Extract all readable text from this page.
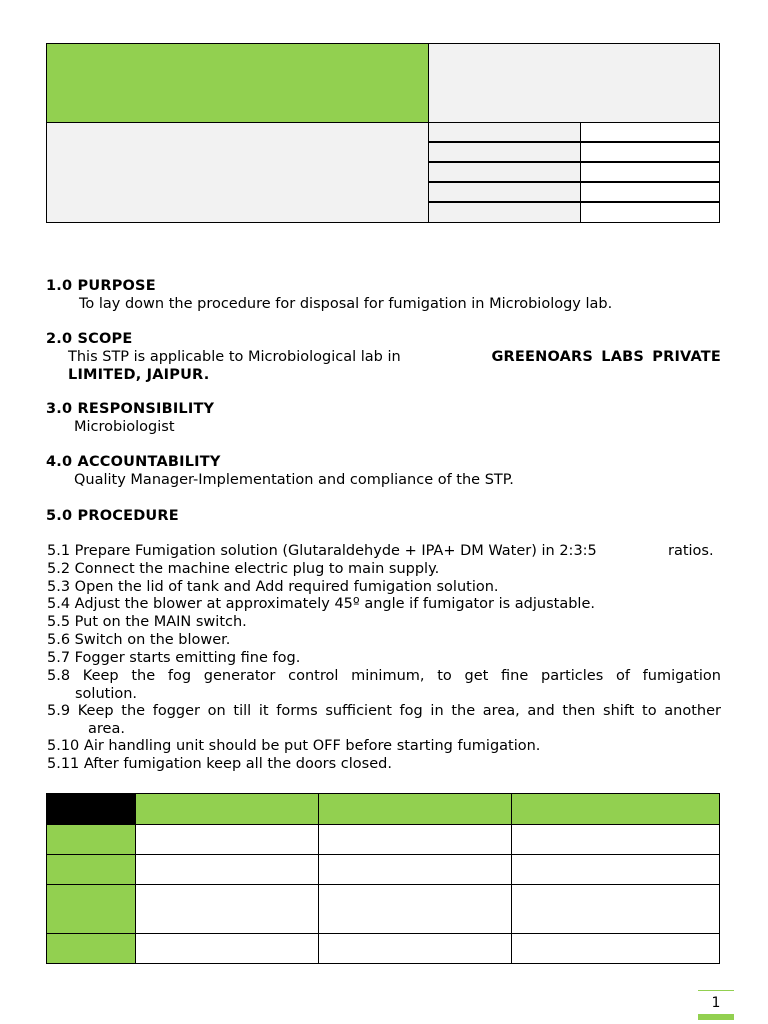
1.0 PURPOSE
To lay down the procedure for disposal for fumigation in Microbiology lab.
2.0 SCOPE
This STP is applicable to Microbiological lab in	GREENOARS LABS PRIVATE
LIMITED, JAIPUR.
3.0 RESPONSIBILITY
Microbiologist
4.0 ACCOUNTABILITY
Quality Manager-Implementation and compliance of the STP.
5.0 PROCEDURE
5.1 Prepare Fumigation solution (Glutaraldehyde + IPA+ DM Water) in 2:3:5	ratios.
5.2 Connect the machine electric plug to main supply.
5.3 Open the lid of tank and Add required fumigation solution.
5.4 Adjust the blower at approximately 45º angle if fumigator is adjustable.
5.5 Put on the MAIN switch.
5.6 Switch on the blower.
5.7 Fogger starts emitting fine fog.
5.8 Keep the fog generator control minimum, to get fine particles of fumigation
solution.
5.9 Keep the fogger on till it forms sufficient fog in the area, and then shift to another
area.
5.10 Air handling unit should be put OFF before starting fumigation.
5.11 After fumigation keep all the doors closed.
1
